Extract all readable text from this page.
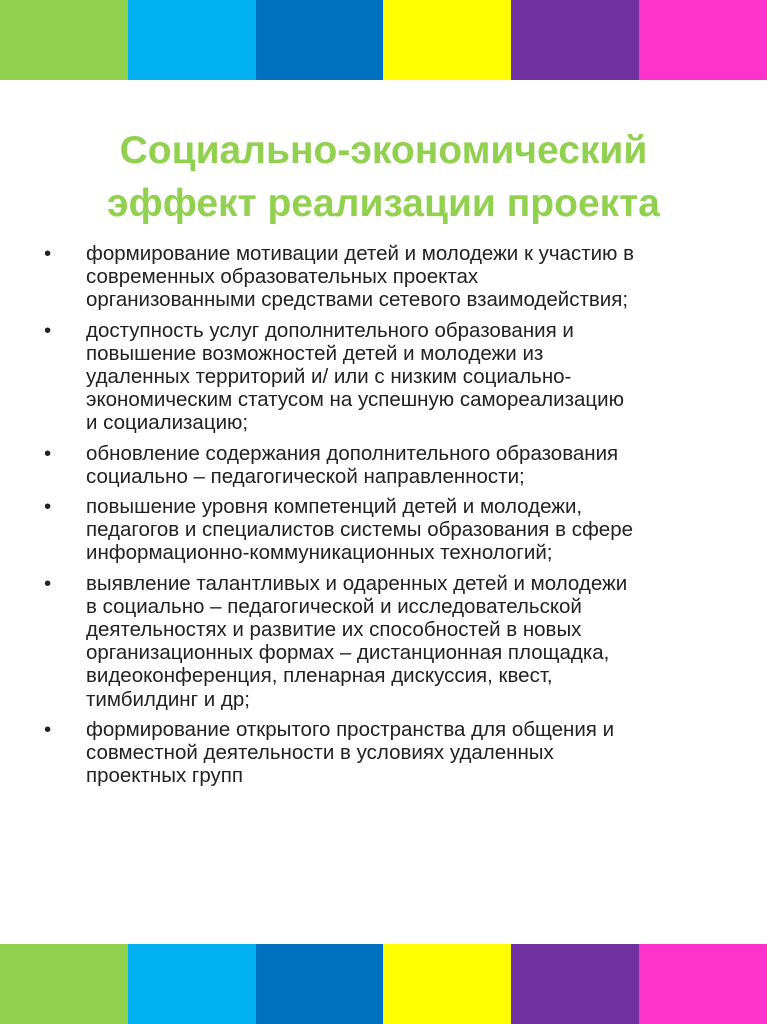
Социально-экономический
эффект реализации проекта
• формирование мотивации детей и молодежи к участию в
современных образовательных проектах
организованными средствами сетевого взаимодействия;
• доступность услуг дополнительного образования и
повышение возможностей детей и молодежи из
удаленных территорий и/ или с низким социально-
экономическим статусом на успешную самореализацию
и социализацию;
• обновление содержания дополнительного образования
социально – педагогической направленности;
• повышение уровня компетенций детей и молодежи,
педагогов и специалистов системы образования в сфере
информационно-коммуникационных технологий;
• выявление талантливых и одаренных детей и молодежи
в социально – педагогической и исследовательской
деятельностях и развитие их способностей в новых
организационных формах – дистанционная площадка,
видеоконференция, пленарная дискуссия, квест,
тимбилдинг и др;
• формирование открытого пространства для общения и
совместной деятельности в условиях удаленных
проектных групп
